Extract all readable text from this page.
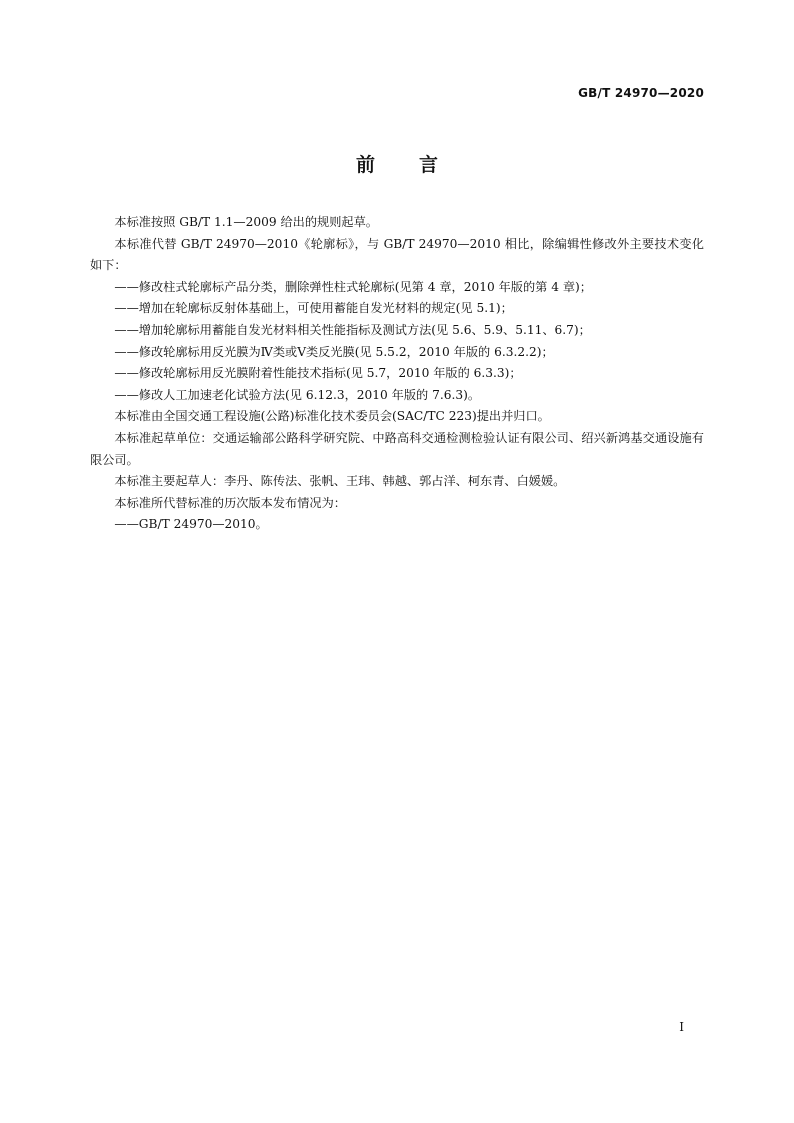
GB/T 24970—2020
前言

本标准按照 GB/T 1.1—2009 给出的规则起草。

本标准代替 GB/T 24970—2010《轮廓标》，与 GB/T 24970—2010 相比，除编辑性修改外主要技术变化如下：

——修改柱式轮廓标产品分类，删除弹性柱式轮廓标(见第 4 章，2010 年版的第 4 章)；

——增加在轮廓标反射体基础上，可使用蓄能自发光材料的规定(见 5.1)；

——增加轮廓标用蓄能自发光材料相关性能指标及测试方法(见 5.6、5.9、5.11、6.7)；

——修改轮廓标用反光膜为Ⅳ类或Ⅴ类反光膜(见 5.5.2，2010 年版的 6.3.2.2)；

——修改轮廓标用反光膜附着性能技术指标(见 5.7，2010 年版的 6.3.3)；

——修改人工加速老化试验方法(见 6.12.3，2010 年版的 7.6.3)。

本标准由全国交通工程设施(公路)标准化技术委员会(SAC/TC 223)提出并归口。

本标准起草单位：交通运输部公路科学研究院、中路高科交通检测检验认证有限公司、绍兴新鸿基交通设施有限公司。

本标准主要起草人：李丹、陈传法、张帆、王玮、韩越、郭占洋、柯东青、白媛媛。

本标准所代替标准的历次版本发布情况为：

——GB/T 24970—2010。

I
